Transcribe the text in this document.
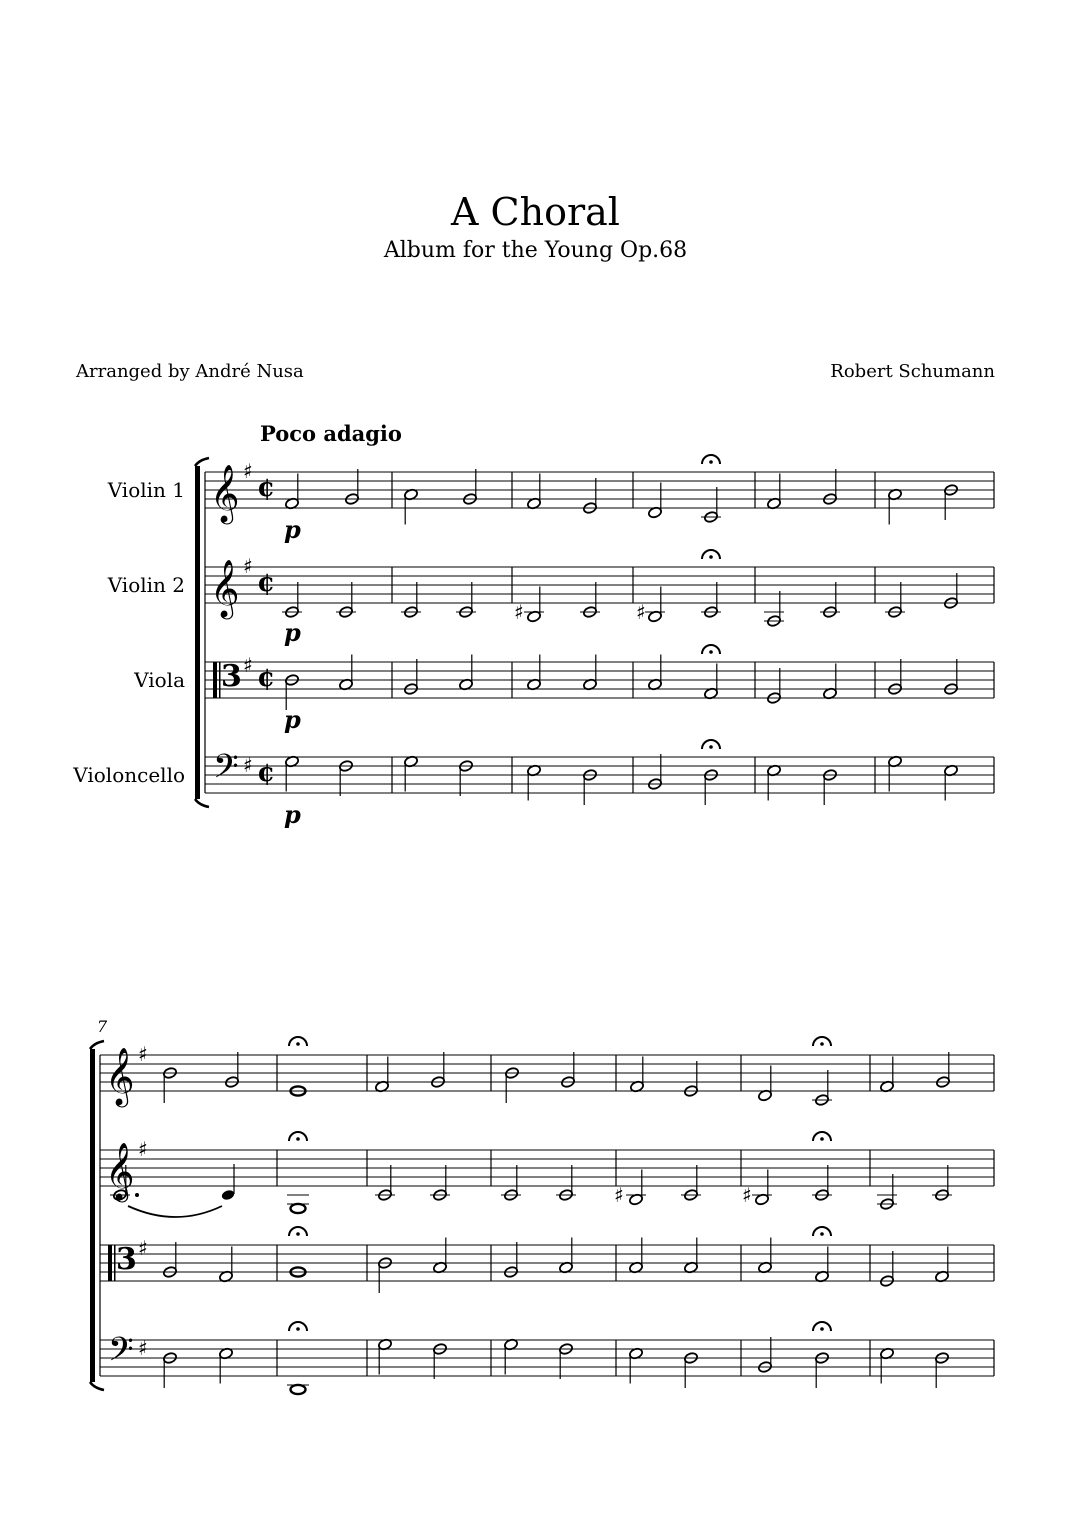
A Choral
Album for the Young Op.68
Arranged by André Nusa	Robert Schumann
Poco adagio
Violin 1
Violin 2
Viola
Violoncello
p
p
p
p
7
𝄞 ♯
¢
𝄞 ♯
¢
3 ♯ ¢
𝄢 ♯ ¢
𝄞 ♯
𝄞 ♯
3 ♯
𝄢 ♯
♯	♯
♯	♯
